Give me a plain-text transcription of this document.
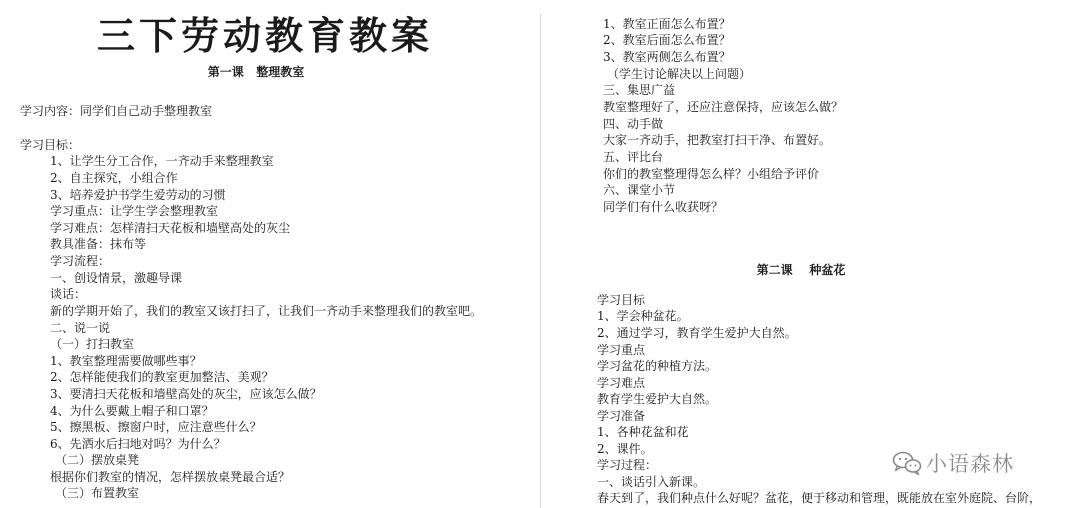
三下劳动教育教案
第一课   整理教室
学习内容：同学们自己动手整理教室
学习目标：
1、让学生分工合作，一齐动手来整理教室
2、自主探究，小组合作
3、培养爱护书学生爱劳动的习惯
学习重点：让学生学会整理教室
学习难点：怎样清扫天花板和墙壁高处的灰尘
教具准备：抹布等
学习流程：
一、创设情景，激趣导课
谈话：
新的学期开始了，我们的教室又该打扫了，让我们一齐动手来整理我们的教室吧。
二、说一说
（一）打扫教室
1、教室整理需要做哪些事？
2、怎样能使我们的教室更加整洁、美观？
3、要清扫天花板和墙壁高处的灰尘，应该怎么做？
4、为什么要戴上帽子和口罩？
5、擦黑板、擦窗户时，应注意些什么？
6、先洒水后扫地对吗？为什么？
（二）摆放桌凳
根据你们教室的情况，怎样摆放桌凳最合适？
（三）布置教室
1、教室正面怎么布置？
2、教室后面怎么布置？
3、教室两侧怎么布置？
（学生讨论解决以上问题）
三、集思广益
教室整理好了，还应注意保持，应该怎么做？
四、动手做
大家一齐动手，把教室打扫干净、布置好。
五、评比台
你们的教室整理得怎么样？小组给予评价
六、课堂小节
同学们有什么收获呀？
第二课    种盆花
学习目标
1、学会种盆花。
2、通过学习，教育学生爱护大自然。
学习重点
学习盆花的种植方法。
学习难点
教育学生爱护大自然。
学习准备
1、各种花盆和花
2、课件。
学习过程：
一、谈话引入新课。
春天到了，我们种点什么好呢？盆花，便于移动和管理，既能放在室外庭院、台阶，
小语森林
